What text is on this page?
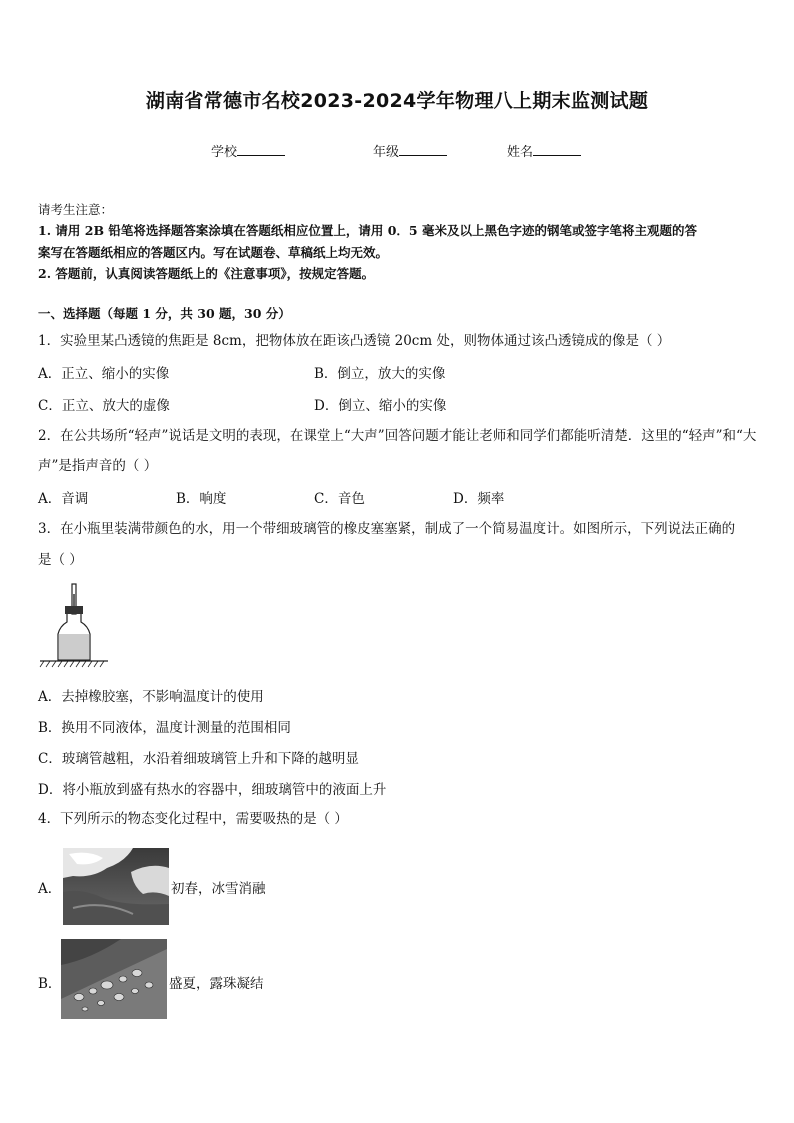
湖南省常德市名校2023-2024学年物理八上期末监测试题
学校	年级	姓名
请考生注意：
1. 请用 2B 铅笔将选择题答案涂填在答题纸相应位置上，请用 0．5 毫米及以上黑色字迹的钢笔或签字笔将主观题的答
案写在答题纸相应的答题区内。写在试题卷、草稿纸上均无效。
2. 答题前，认真阅读答题纸上的《注意事项》，按规定答题。
一、选择题（每题 1 分，共 30 题，30 分）
1．实验里某凸透镜的焦距是 8cm，把物体放在距该凸透镜 20cm 处，则物体通过该凸透镜成的像是（ ）
A．正立、缩小的实像	B．倒立，放大的实像
C．正立、放大的虚像	D．倒立、缩小的实像
2．在公共场所“轻声”说话是文明的表现，在课堂上“大声”回答问题才能让老师和同学们都能听清楚．这里的“轻声”和“大
声”是指声音的（ ）
A．音调	B．响度	C．音色	D．频率
3．在小瓶里装满带颜色的水，用一个带细玻璃管的橡皮塞塞紧，制成了一个简易温度计。如图所示，下列说法正确的
是（ ）
A．去掉橡胶塞，不影响温度计的使用
B．换用不同液体，温度计测量的范围相同
C．玻璃管越粗，水沿着细玻璃管上升和下降的越明显
D．将小瓶放到盛有热水的容器中，细玻璃管中的液面上升
4．下列所示的物态变化过程中，需要吸热的是（ ）
A．	初春，冰雪消融
B．	盛夏，露珠凝结
